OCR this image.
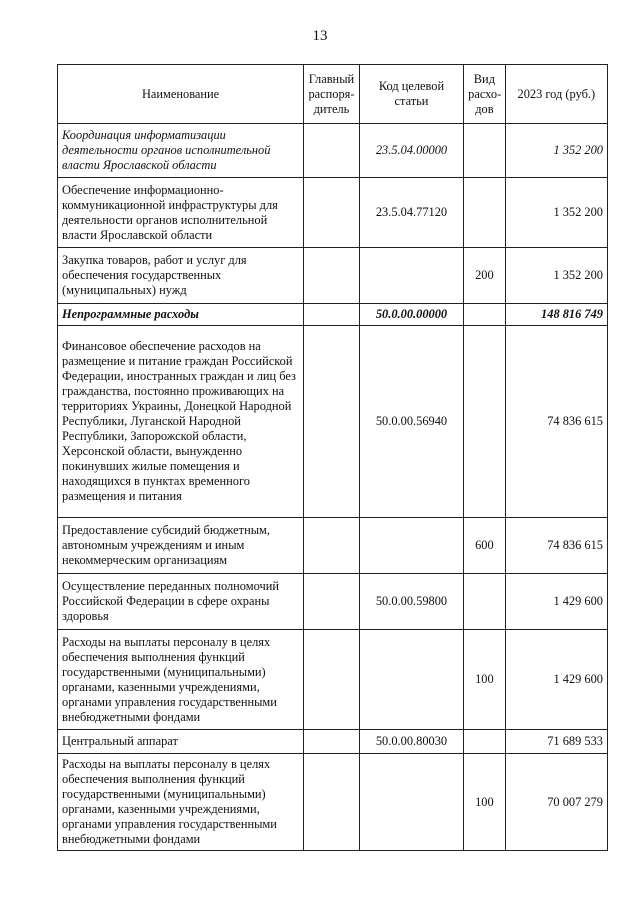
13
Наименование	Главный распоря-дитель	Код целевой статьи	Вид расхо-дов	2023 год (руб.)
Координация информатизации деятельности органов исполнительной власти Ярославской области		23.5.04.00000		1 352 200
Обеспечение информационно-коммуникационной инфраструктуры для деятельности органов исполнительной власти Ярославской области		23.5.04.77120		1 352 200
Закупка товаров, работ и услуг для обеспечения государственных (муниципальных) нужд			200	1 352 200
Непрограммные расходы		50.0.00.00000		148 816 749
Финансовое обеспечение расходов на размещение и питание граждан Российской Федерации, иностранных граждан и лиц без гражданства, постоянно проживающих на территориях Украины, Донецкой Народной Республики, Луганской Народной Республики, Запорожской области, Херсонской области, вынужденно покинувших жилые помещения и находящихся в пунктах временного размещения и питания		50.0.00.56940		74 836 615
Предоставление субсидий бюджетным, автономным учреждениям и иным некоммерческим организациям			600	74 836 615
Осуществление переданных полномочий Российской Федерации в сфере охраны здоровья		50.0.00.59800		1 429 600
Расходы на выплаты персоналу в целях обеспечения выполнения функций государственными (муниципальными) органами, казенными учреждениями, органами управления государственными внебюджетными фондами			100	1 429 600
Центральный аппарат		50.0.00.80030		71 689 533
Расходы на выплаты персоналу в целях обеспечения выполнения функций государственными (муниципальными) органами, казенными учреждениями, органами управления государственными внебюджетными фондами			100	70 007 279
